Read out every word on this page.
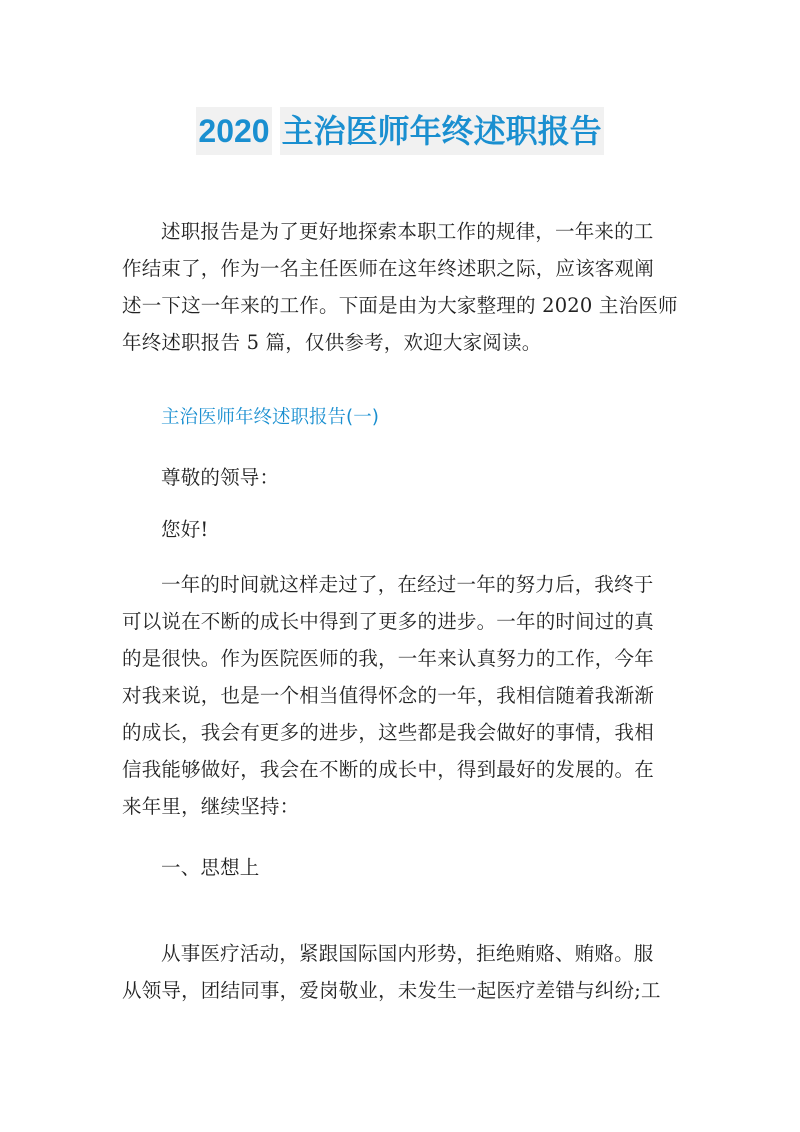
2020 主治医师年终述职报告
述职报告是为了更好地探索本职工作的规律，一年来的工
作结束了，作为一名主任医师在这年终述职之际，应该客观阐
述一下这一年来的工作。下面是由为大家整理的 2020 主治医师
年终述职报告 5 篇，仅供参考，欢迎大家阅读。
主治医师年终述职报告(一)
尊敬的领导：
您好!
一年的时间就这样走过了，在经过一年的努力后，我终于
可以说在不断的成长中得到了更多的进步。一年的时间过的真
的是很快。作为医院医师的我，一年来认真努力的工作，今年
对我来说，也是一个相当值得怀念的一年，我相信随着我渐渐
的成长，我会有更多的进步，这些都是我会做好的事情，我相
信我能够做好，我会在不断的成长中，得到最好的发展的。在
来年里，继续坚持：
一、思想上
从事医疗活动，紧跟国际国内形势，拒绝贿赂、贿赂。服
从领导，团结同事，爱岗敬业，未发生一起医疗差错与纠纷;工
